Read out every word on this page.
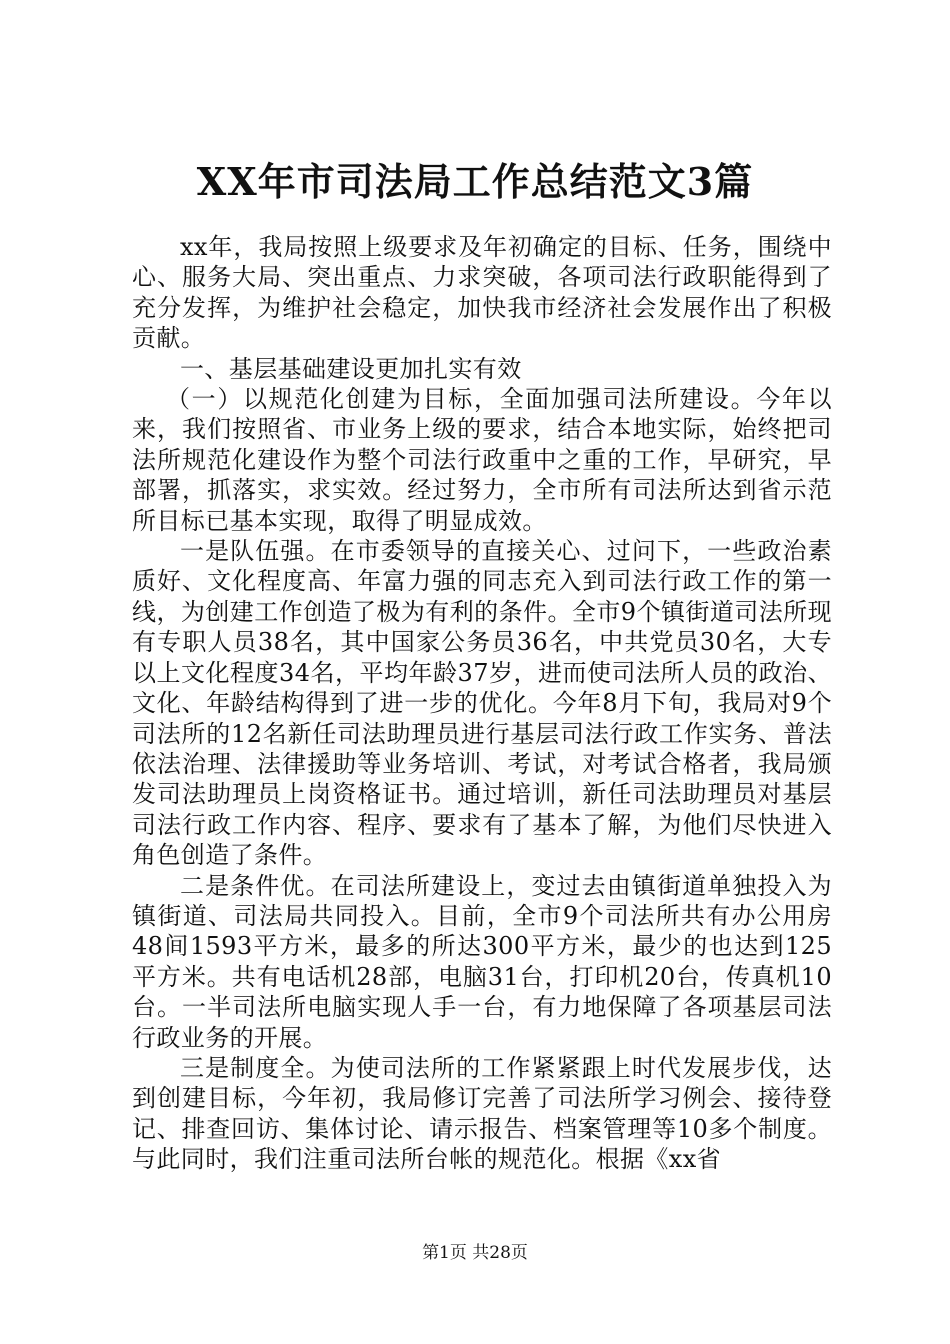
XX年市司法局工作总结范文3篇

xx年，我局按照上级要求及年初确定的目标、任务，围绕中心、服务大局、突出重点、力求突破，各项司法行政职能得到了充分发挥，为维护社会稳定，加快我市经济社会发展作出了积极贡献。

一、基层基础建设更加扎实有效

（一）以规范化创建为目标，全面加强司法所建设。今年以来，我们按照省、市业务上级的要求，结合本地实际，始终把司法所规范化建设作为整个司法行政重中之重的工作，早研究，早部署，抓落实，求实效。经过努力，全市所有司法所达到省示范所目标已基本实现，取得了明显成效。

一是队伍强。在市委领导的直接关心、过问下，一些政治素质好、文化程度高、年富力强的同志充入到司法行政工作的第一线，为创建工作创造了极为有利的条件。全市9个镇街道司法所现有专职人员38名，其中国家公务员36名，中共党员30名，大专以上文化程度34名，平均年龄37岁，进而使司法所人员的政治、文化、年龄结构得到了进一步的优化。今年8月下旬，我局对9个司法所的12名新任司法助理员进行基层司法行政工作实务、普法依法治理、法律援助等业务培训、考试，对考试合格者，我局颁发司法助理员上岗资格证书。通过培训，新任司法助理员对基层司法行政工作内容、程序、要求有了基本了解，为他们尽快进入角色创造了条件。

二是条件优。在司法所建设上，变过去由镇街道单独投入为镇街道、司法局共同投入。目前，全市9个司法所共有办公用房48间1593平方米，最多的所达300平方米，最少的也达到125平方米。共有电话机28部，电脑31台，打印机20台，传真机10台。一半司法所电脑实现人手一台，有力地保障了各项基层司法行政业务的开展。

三是制度全。为使司法所的工作紧紧跟上时代发展步伐，达到创建目标，今年初，我局修订完善了司法所学习例会、接待登记、排查回访、集体讨论、请示报告、档案管理等10多个制度。与此同时，我们注重司法所台帐的规范化。根据《xx省

第1页 共28页
